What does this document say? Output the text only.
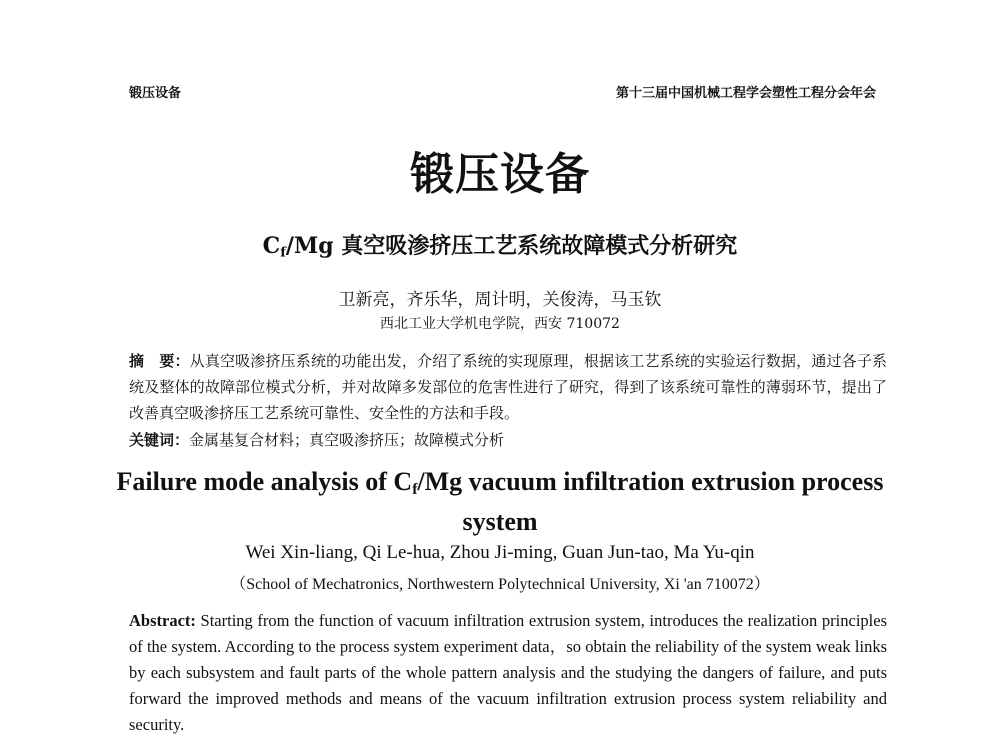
锻压设备	第十三届中国机械工程学会塑性工程分会年会
锻压设备
$C_f/Mg$ 真空吸渗挤压工艺系统故障模式分析研究
卫新亮，齐乐华，周计明，关俊涛，马玉钦
西北工业大学机电学院，西安 710072
摘　要：从真空吸渗挤压系统的功能出发，介绍了系统的实现原理，根据该工艺系统的实验运行数据，通过各子系统及整体的故障部位模式分析，并对故障多发部位的危害性进行了研究，得到了该系统可靠性的薄弱环节，提出了改善真空吸渗挤压工艺系统可靠性、安全性的方法和手段。
关键词：金属基复合材料；真空吸渗挤压；故障模式分析
Failure mode analysis of $C_f/Mg$ vacuum infiltration extrusion process system
Wei Xin-liang, Qi Le-hua, Zhou Ji-ming, Guan Jun-tao, Ma Yu-qin
（School of Mechatronics, Northwestern Polytechnical University, Xi 'an 710072）
Abstract: Starting from the function of vacuum infiltration extrusion system, introduces the realization principles of the system. According to the process system experiment data，so obtain the reliability of the system weak links by each subsystem and fault parts of the whole pattern analysis and the studying the dangers of failure, and puts forward the improved methods and means of the vacuum infiltration extrusion process system reliability and security.
